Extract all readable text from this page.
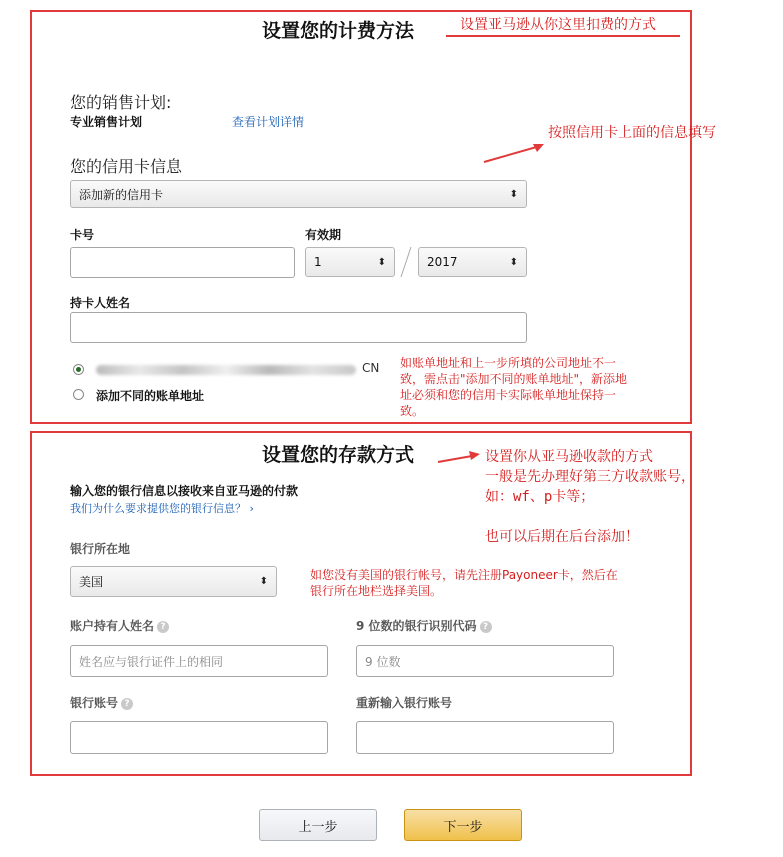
设置您的计费方法	设置亚马逊从你这里扣费的方式
您的销售计划:
专业销售计划	查看计划详情
按照信用卡上面的信息填写
您的信用卡信息
添加新的信用卡	⬍
卡号	有效期
1	⬍	2017	⬍
持卡人姓名
CN
添加不同的账单地址
如账单地址和上一步所填的公司地址不一致，需点击"添加不同的账单地址"，新添地址必须和您的信用卡实际帐单地址保持一致。
设置您的存款方式	设置你从亚马逊收款的方式
一般是先办理好第三方收款账号，
如：wf、p卡等；
也可以后期在后台添加！
输入您的银行信息以接收来自亚马逊的付款
我们为什么要求提供您的银行信息？ ›
银行所在地
美国	⬍	如您没有美国的银行帐号，请先注册Payoneer卡，然后在银行所在地栏选择美国。
账户持有人姓名 ?	9 位数的银行识别代码 ?
姓名应与银行证件上的相同	9 位数
银行账号 ?	重新输入银行账号
上一步	下一步
